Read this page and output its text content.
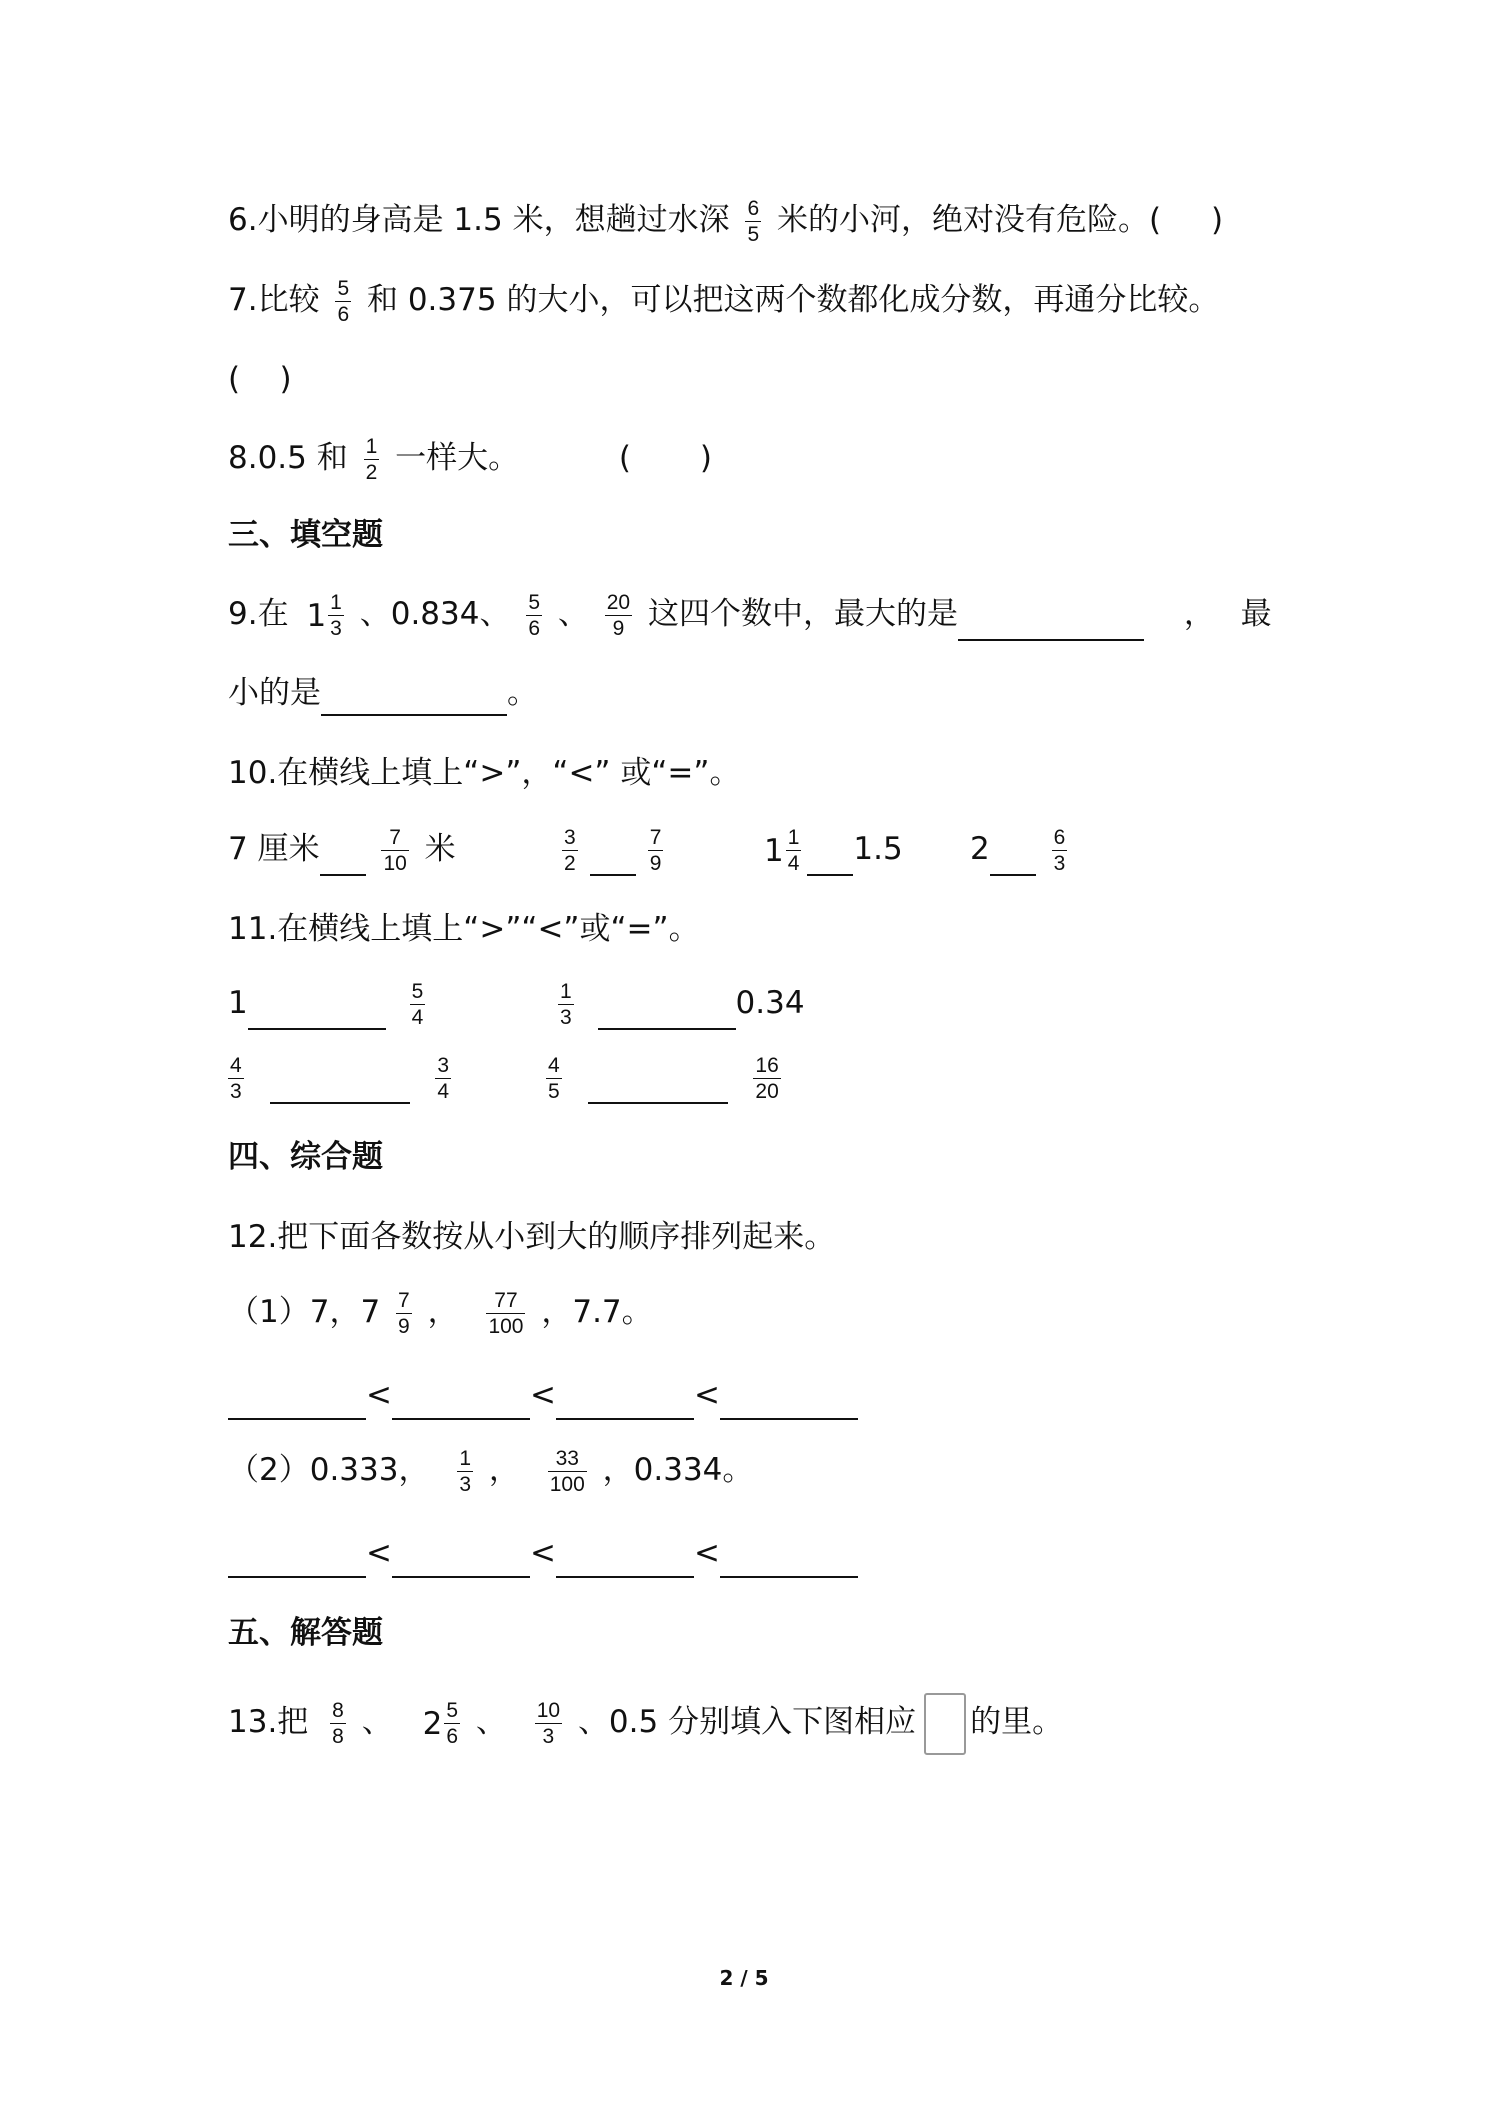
6.小明的身高是 1.5 米，想趟过水深 $\frac{6}{5}$ 米的小河，绝对没有危险。( )
7.比较 $\frac{5}{6}$ 和 0.375 的大小，可以把这两个数都化成分数，再通分比较。
(    )
8.0.5 和 $\frac{1}{2}$ 一样大。	(       )
三、填空题
9.在 $1 \frac{1}{3}$ 、0.834、 $\frac{5}{6}$ 、 $\frac{20}{9}$ 这四个数中，最大的是	， 最
小的是	。
10.在横线上填上“>”，“<” 或“=”。
7 厘米	$\frac{7}{10}$ 米	$\frac{3}{2}$	$\frac{7}{9}$	$1 \frac{1}{4} 1.5$ 2	$\frac{6}{3}$
11.在横线上填上“>”“<”或“=”。
1	$\frac{5}{4}$	$\frac{1}{3}$	0.34
$\frac{4}{3}$
	$\frac{3}{4}$	$\frac{4}{5}$
	$\frac{16}{20}$
四、综合题
12.把下面各数按从小到大的顺序排列起来。
（1）7，$7 \frac{7}{9}$ ， $\frac{77}{100}$ ，7.7。
<	<	<
（2）0.333， $\frac{1}{3}$ ， $\frac{33}{100}$ ，0.334。
<	<	<
五、解答题
13.把 $\frac{8}{8}$ 、 $2 \frac{5}{6}$ 、 $\frac{10}{3}$ 、0.5 分别填入下图相应 的里。
2 / 5
